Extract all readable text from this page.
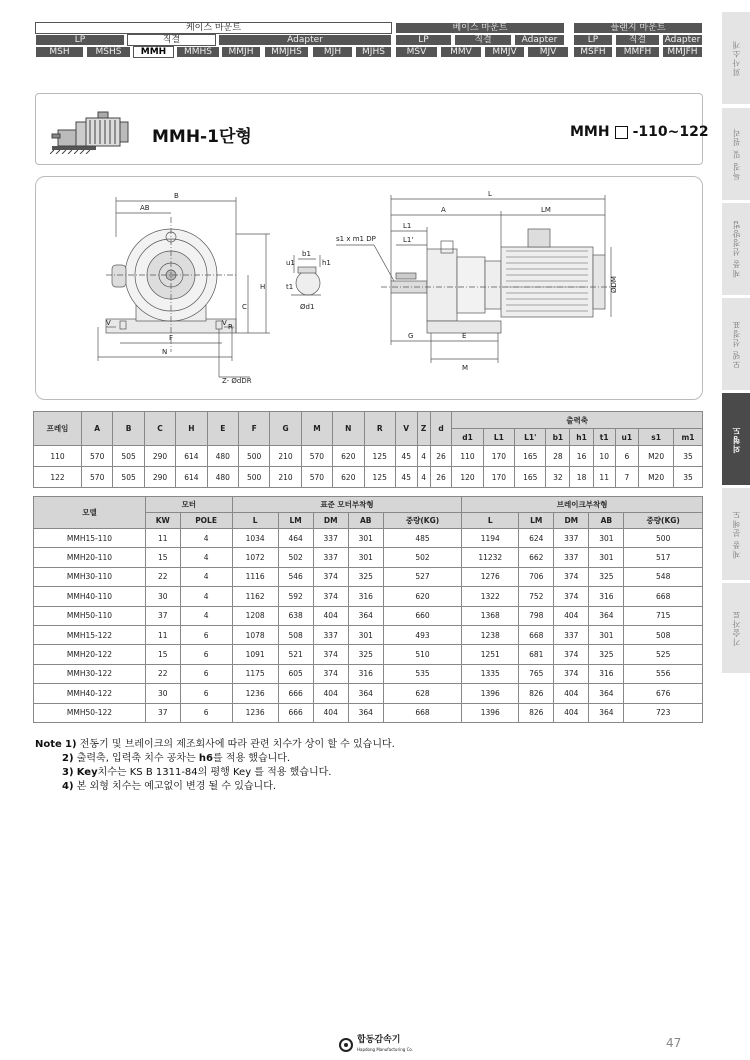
케이스 마운트	베이스 마운트	플랜지 마운트
LP	직결	Adapter	LP	직결	Adapter	LP	직결	Adapter
MSH	MSHS	MMH	MMHS	MMJH	MMJHS	MJH	MJHS	MSV	MMV	MMJV	MJV	MSFH	MMFH	MMJFH	회사소개
특징 및 원리
제품 선정방법
모델 선정표
외형도
제품 분해도
기술자료
MMH-1단형	MMH -110~122
B
AB
H
C
R
V	V
F
N
Z- ØdDR
b1
h1
u1
t1
Ød1
s1 x m1 DP
L
A	LM
L1
L1'
ØDM
G	E
M
프레임	A	B	C	H	E	F	G	M	N	R	V	Z	d	출력축								
														d1	L1	L1'	b1	h1	t1	u1	s1	m1
110	570	505	290	614	480	500	210	570	620	125	45	4	26	110	170	165	28	16	10	6	M20	35
122	570	505	290	614	480	500	210	570	620	125	45	4	26	120	170	165	32	18	11	7	M20	35
모델	모터		표준 모터부착형					브레이크부착형				
	KW	POLE	L	LM	DM	AB	중량(KG)	L	LM	DM	AB	중량(KG)
MMH15-110	11	4	1034	464	337	301	485	1194	624	337	301	500
MMH20-110	15	4	1072	502	337	301	502	11232	662	337	301	517
MMH30-110	22	4	1116	546	374	325	527	1276	706	374	325	548
MMH40-110	30	4	1162	592	374	316	620	1322	752	374	316	668
MMH50-110	37	4	1208	638	404	364	660	1368	798	404	364	715
MMH15-122	11	6	1078	508	337	301	493	1238	668	337	301	508
MMH20-122	15	6	1091	521	374	325	510	1251	681	374	325	525
MMH30-122	22	6	1175	605	374	316	535	1335	765	374	316	556
MMH40-122	30	6	1236	666	404	364	628	1396	826	404	364	676
MMH50-122	37	6	1236	666	404	364	668	1396	826	404	364	723
Note 1) 전동기 및 브레이크의 제조회사에 따라 관련 치수가 상이 할 수 있습니다.
2) 출력축, 입력축 치수 공차는 h6를 적용 했습니다.
3) Key치수는 KS B 1311-84의 평행 Key 를 적용 했습니다.
4) 본 외형 치수는 예고없이 변경 될 수 있습니다.
합동감속기
Hapdong Manufacturing Co.	47
